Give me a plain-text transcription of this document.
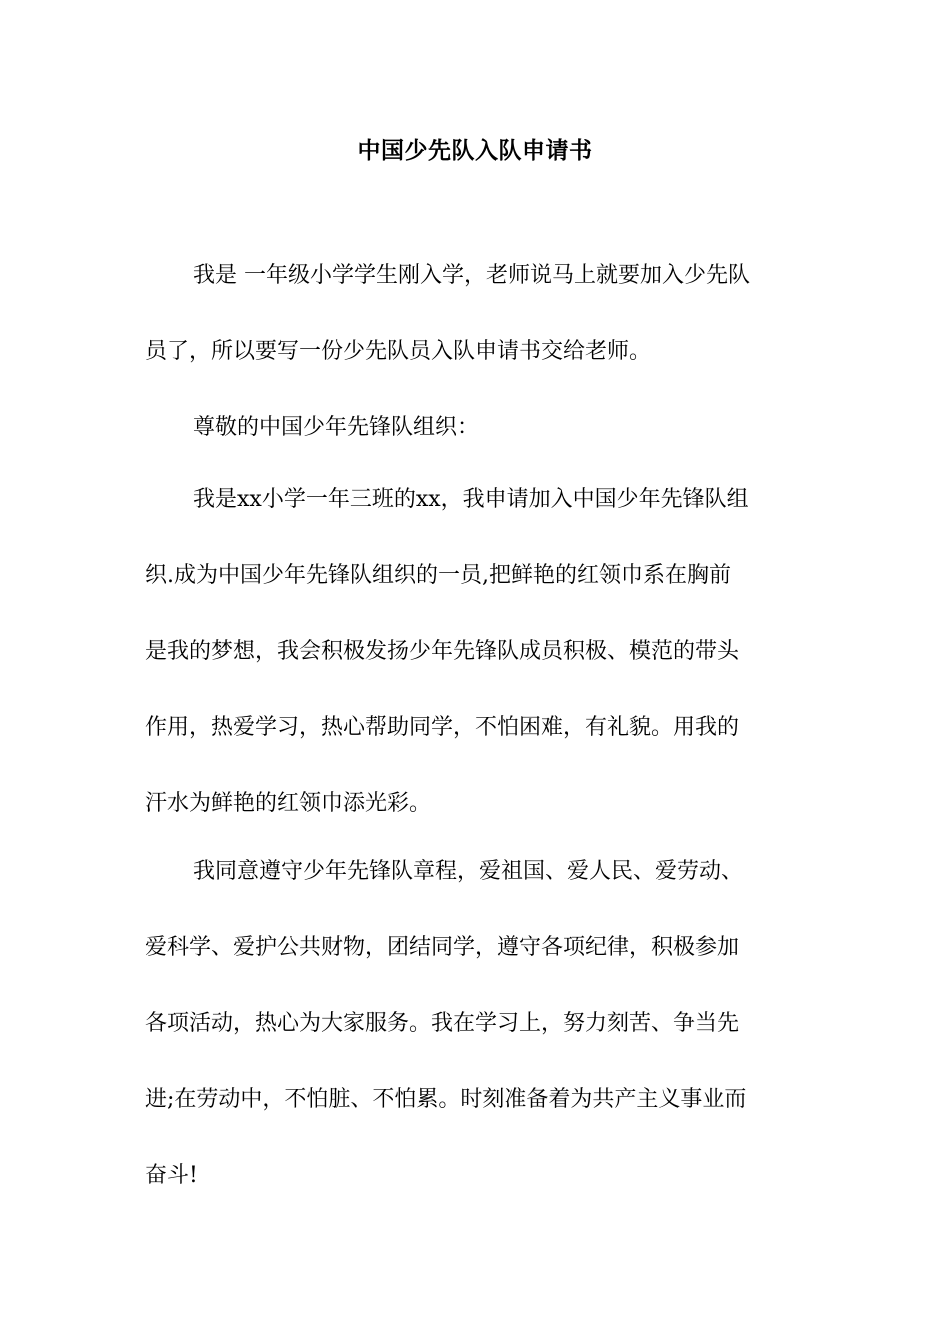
中国少先队入队申请书
我是 一年级小学学生刚入学，老师说马上就要加入少先队
员了，所以要写一份少先队员入队申请书交给老师。
尊敬的中国少年先锋队组织：
我是xx小学一年三班的xx，我申请加入中国少年先锋队组
织.成为中国少年先锋队组织的一员,把鲜艳的红领巾系在胸前
是我的梦想，我会积极发扬少年先锋队成员积极、模范的带头
作用，热爱学习，热心帮助同学，不怕困难，有礼貌。用我的
汗水为鲜艳的红领巾添光彩。
我同意遵守少年先锋队章程，爱祖国、爱人民、爱劳动、
爱科学、爱护公共财物，团结同学，遵守各项纪律，积极参加
各项活动，热心为大家服务。我在学习上，努力刻苦、争当先
进;在劳动中，不怕脏、不怕累。时刻准备着为共产主义事业而
奋斗!
